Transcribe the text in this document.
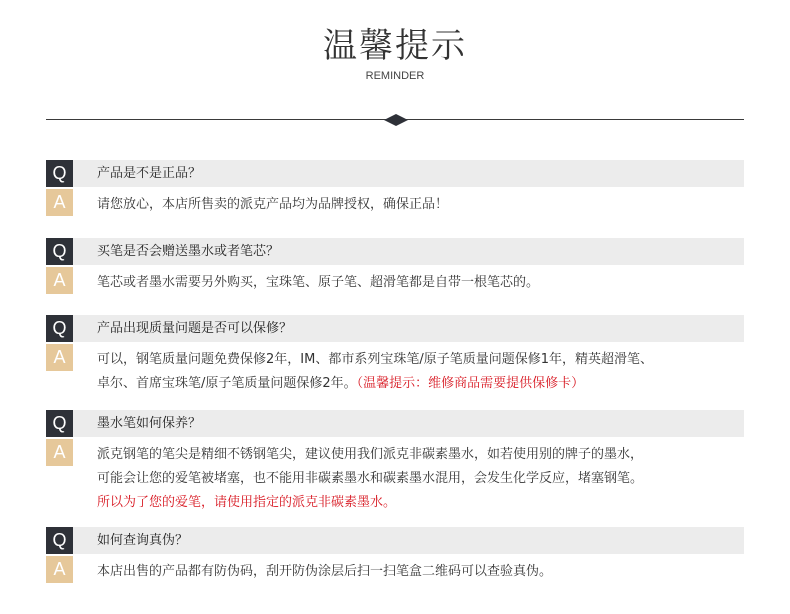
温馨提示
REMINDER
Q	产品是不是正品？
A	请您放心，本店所售卖的派克产品均为品牌授权，确保正品！
Q	买笔是否会赠送墨水或者笔芯？
A	笔芯或者墨水需要另外购买，宝珠笔、原子笔、超滑笔都是自带一根笔芯的。
Q	产品出现质量问题是否可以保修？
A	可以，钢笔质量问题免费保修2年，IM、都市系列宝珠笔/原子笔质量问题保修1年，精英超滑笔、
卓尔、首席宝珠笔/原子笔质量问题保修2年。（温馨提示：维修商品需要提供保修卡）
Q	墨水笔如何保养？
A	派克钢笔的笔尖是精细不锈钢笔尖，建议使用我们派克非碳素墨水，如若使用别的牌子的墨水，
可能会让您的爱笔被堵塞，也不能用非碳素墨水和碳素墨水混用，会发生化学反应，堵塞钢笔。
所以为了您的爱笔，请使用指定的派克非碳素墨水。
Q	如何查询真伪？
A	本店出售的产品都有防伪码，刮开防伪涂层后扫一扫笔盒二维码可以查验真伪。
